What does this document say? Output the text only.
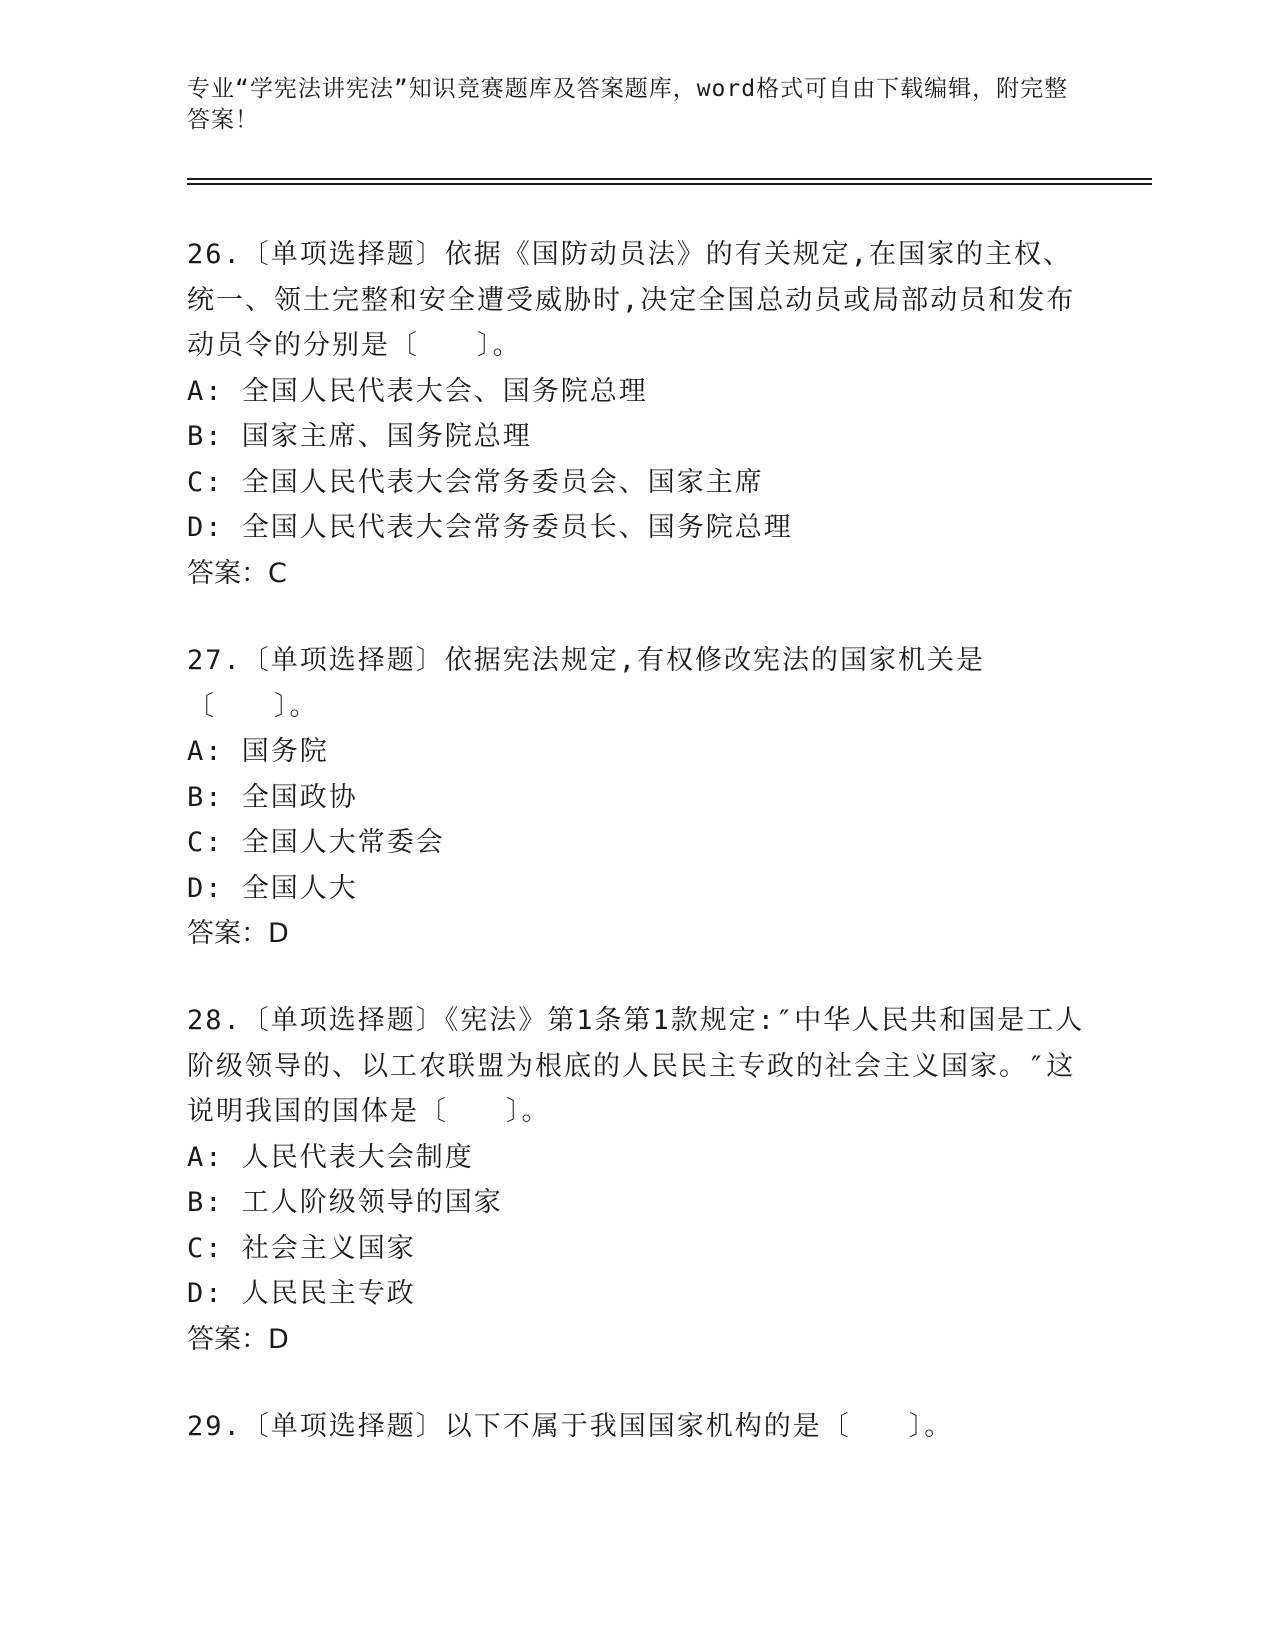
专业“学宪法讲宪法”知识竞赛题库及答案题库，word格式可自由下载编辑，附完整答案！

26.〔单项选择题〕依据《国防动员法》的有关规定,在国家的主权、统一、领土完整和安全遭受威胁时,决定全国总动员或局部动员和发布动员令的分别是〔　　〕。

A: 全国人民代表大会、国务院总理

B: 国家主席、国务院总理

C: 全国人民代表大会常务委员会、国家主席

D: 全国人民代表大会常务委员长、国务院总理

答案：C

27.〔单项选择题〕依据宪法规定,有权修改宪法的国家机关是〔　　〕。

A: 国务院

B: 全国政协

C: 全国人大常委会

D: 全国人大

答案：D

28.〔单项选择题〕《宪法》第1条第1款规定:″中华人民共和国是工人阶级领导的、以工农联盟为根底的人民民主专政的社会主义国家。″这说明我国的国体是〔　　〕。

A: 人民代表大会制度

B: 工人阶级领导的国家

C: 社会主义国家

D: 人民民主专政

答案：D

29.〔单项选择题〕以下不属于我国国家机构的是〔　　〕。
